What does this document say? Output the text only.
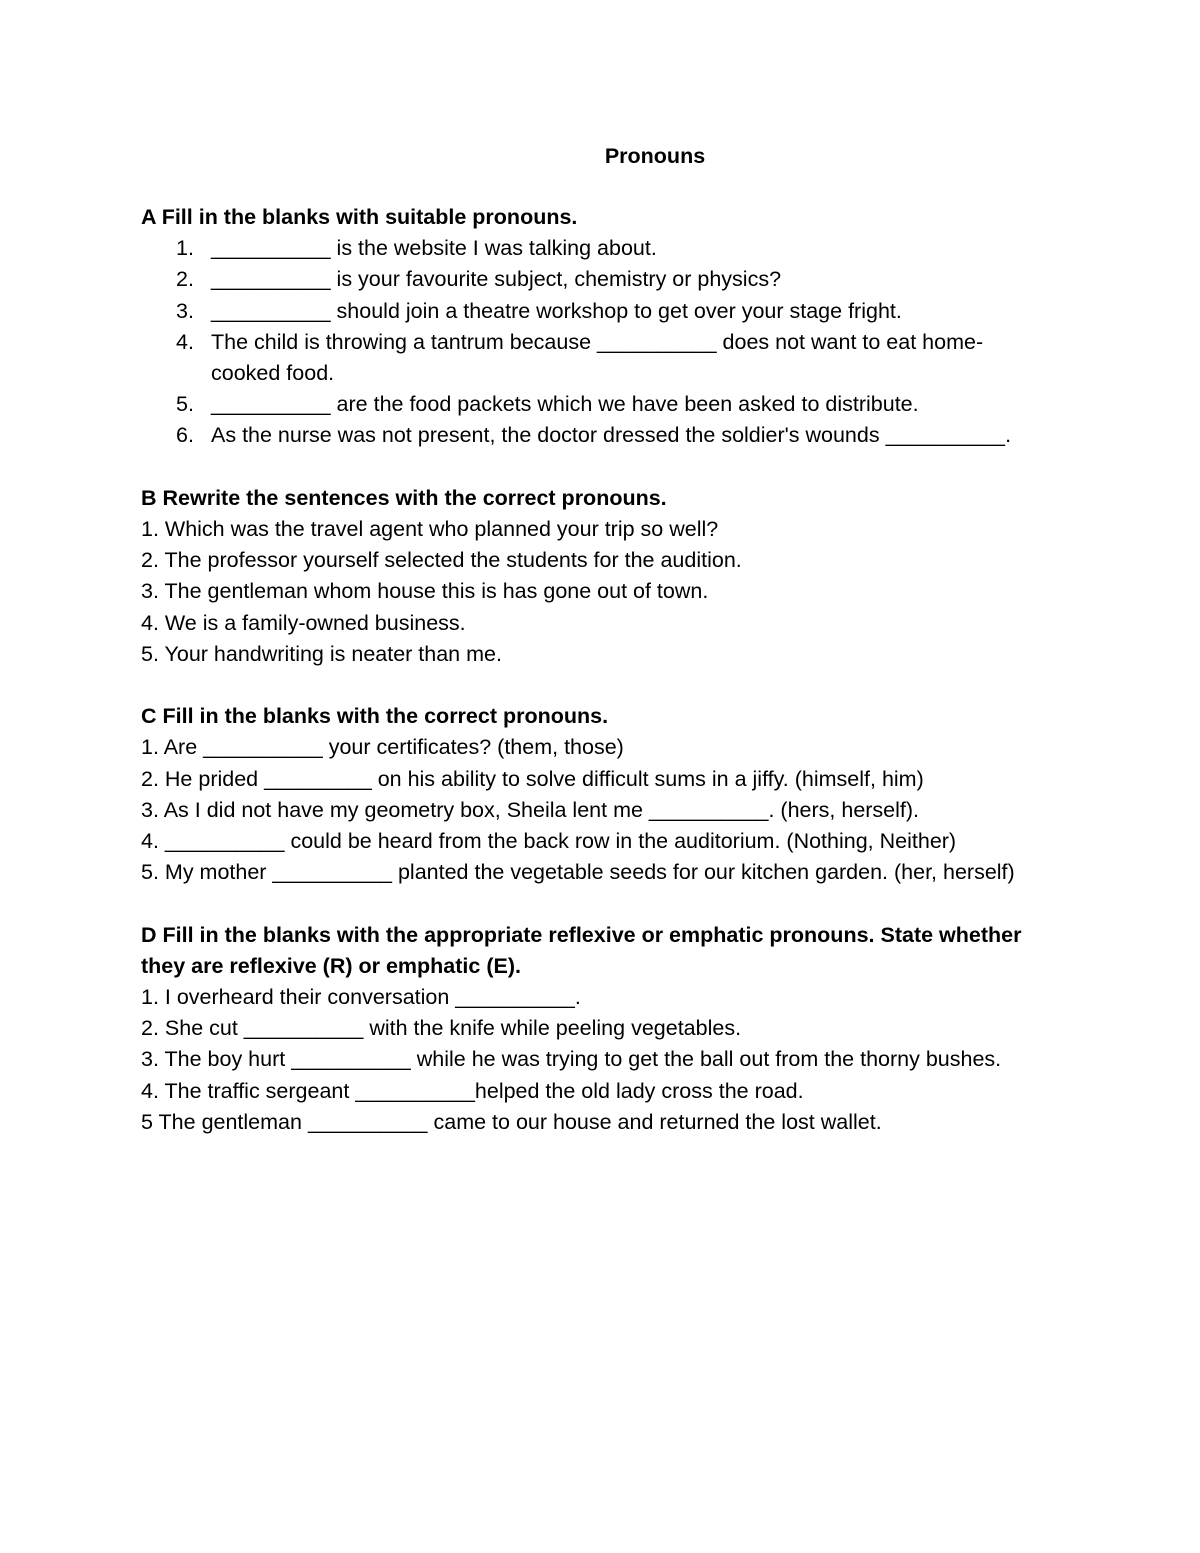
Pronouns

A Fill in the blanks with suitable pronouns.

1. __________ is the website I was talking about.
2. __________ is your favourite subject, chemistry or physics?
3. __________ should join a theatre workshop to get over your stage fright.
4. The child is throwing a tantrum because __________ does not want to eat home-cooked food.
5. __________ are the food packets which we have been asked to distribute.
6. As the nurse was not present, the doctor dressed the soldier's wounds __________.

B Rewrite the sentences with the correct pronouns.

1. Which was the travel agent who planned your trip so well?

2. The professor yourself selected the students for the audition.

3. The gentleman whom house this is has gone out of town.

4. We is a family-owned business.

5. Your handwriting is neater than me.

C Fill in the blanks with the correct pronouns.

1. Are __________ your certificates? (them, those)

2. He prided _________ on his ability to solve difficult sums in a jiffy. (himself, him)

3. As I did not have my geometry box, Sheila lent me __________. (hers, herself).

4. __________ could be heard from the back row in the auditorium. (Nothing, Neither)

5. My mother __________ planted the vegetable seeds for our kitchen garden. (her, herself)

D Fill in the blanks with the appropriate reflexive or emphatic pronouns. State whether they are reflexive (R) or emphatic (E).

1. I overheard their conversation __________.

2. She cut __________ with the knife while peeling vegetables.

3. The boy hurt __________ while he was trying to get the ball out from the thorny bushes.

4. The traffic sergeant __________helped the old lady cross the road.

5 The gentleman __________ came to our house and returned the lost wallet.
